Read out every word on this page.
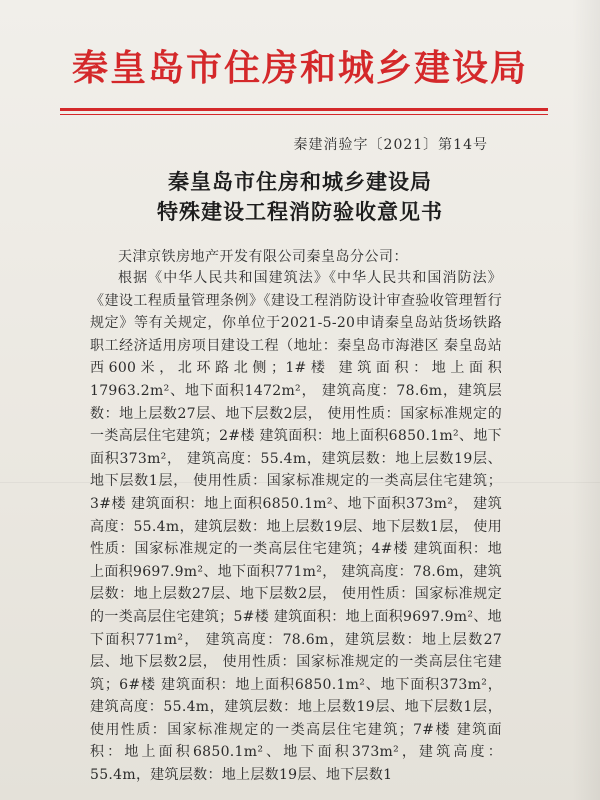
秦皇岛市住房和城乡建设局
秦建消验字〔2021〕第14号
秦皇岛市住房和城乡建设局
特殊建设工程消防验收意见书
天津京铁房地产开发有限公司秦皇岛分公司：

根据《中华人民共和国建筑法》《中华人民共和国消防法》《建设工程质量管理条例》《建设工程消防设计审查验收管理暂行规定》等有关规定，你单位于2021-5-20申请秦皇岛站货场铁路职工经济适用房项目建设工程（地址：秦皇岛市海港区 秦皇岛站西600米，北环路北侧；1#楼 建筑面积：地上面积17963.2m²、地下面积1472m²， 建筑高度：78.6m，建筑层数：地上层数27层、地下层数2层， 使用性质：国家标准规定的一类高层住宅建筑；2#楼 建筑面积：地上面积6850.1m²、地下面积373m²， 建筑高度：55.4m，建筑层数：地上层数19层、地下层数1层， 使用性质：国家标准规定的一类高层住宅建筑；3#楼 建筑面积：地上面积6850.1m²、地下面积373m²， 建筑高度：55.4m，建筑层数：地上层数19层、地下层数1层， 使用性质：国家标准规定的一类高层住宅建筑；4#楼 建筑面积：地上面积9697.9m²、地下面积771m²， 建筑高度：78.6m，建筑层数：地上层数27层、地下层数2层， 使用性质：国家标准规定的一类高层住宅建筑；5#楼 建筑面积：地上面积9697.9m²、地下面积771m²， 建筑高度：78.6m，建筑层数：地上层数27层、地下层数2层， 使用性质：国家标准规定的一类高层住宅建筑；6#楼 建筑面积：地上面积6850.1m²、地下面积373m²， 建筑高度：55.4m，建筑层数：地上层数19层、地下层数1层， 使用性质：国家标准规定的一类高层住宅建筑；7#楼 建筑面积：地上面积6850.1m²、地下面积373m²，建筑高度：55.4m，建筑层数：地上层数19层、地下层数1
